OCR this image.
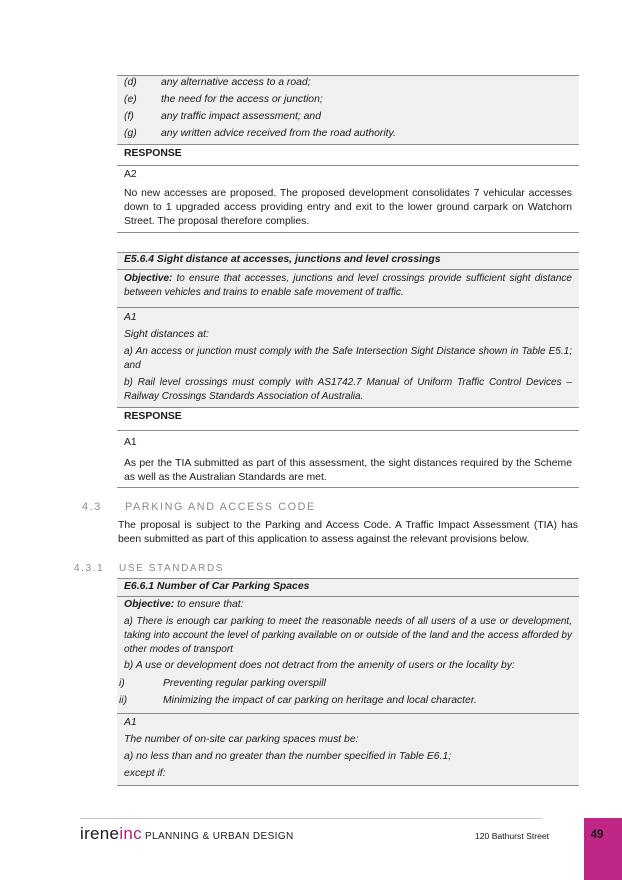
(d) any alternative access to a road;
(e) the need for the access or junction;
(f)	any traffic impact assessment; and
(g) any written advice received from the road authority.
RESPONSE
A2
No new accesses are proposed. The proposed development consolidates 7 vehicular accesses down to 1 upgraded access providing entry and exit to the lower ground carpark on Watchorn Street. The proposal therefore complies.
E5.6.4 Sight distance at accesses, junctions and level crossings
Objective: to ensure that accesses, junctions and level crossings provide sufficient sight distance between vehicles and trains to enable safe movement of traffic.
A1
Sight distances at:
a) An access or junction must comply with the Safe Intersection Sight Distance shown in Table E5.1; and
b) Rail level crossings must comply with AS1742.7 Manual of Uniform Traffic Control Devices – Railway Crossings Standards Association of Australia.
RESPONSE
A1
As per the TIA submitted as part of this assessment, the sight distances required by the Scheme as well as the Australian Standards are met.
4.3 PARKING AND ACCESS CODE
The proposal is subject to the Parking and Access Code. A Traffic Impact Assessment (TIA) has been submitted as part of this application to assess against the relevant provisions below.
4.3.1 USE STANDARDS
E6.6.1 Number of Car Parking Spaces
Objective: to ensure that:
a) There is enough car parking to meet the reasonable needs of all users of a use or development, taking into account the level of parking available on or outside of the land and the access afforded by other modes of transport
b) A use or development does not detract from the amenity of users or the locality by:
i)	Preventing regular parking overspill
ii)	Minimizing the impact of car parking on heritage and local character.
A1
The number of on-site car parking spaces must be:
a) no less than and no greater than the number specified in Table E6.1;
except if:
ireneinc PLANNING & URBAN DESIGN	120 Bathurst Street	49
